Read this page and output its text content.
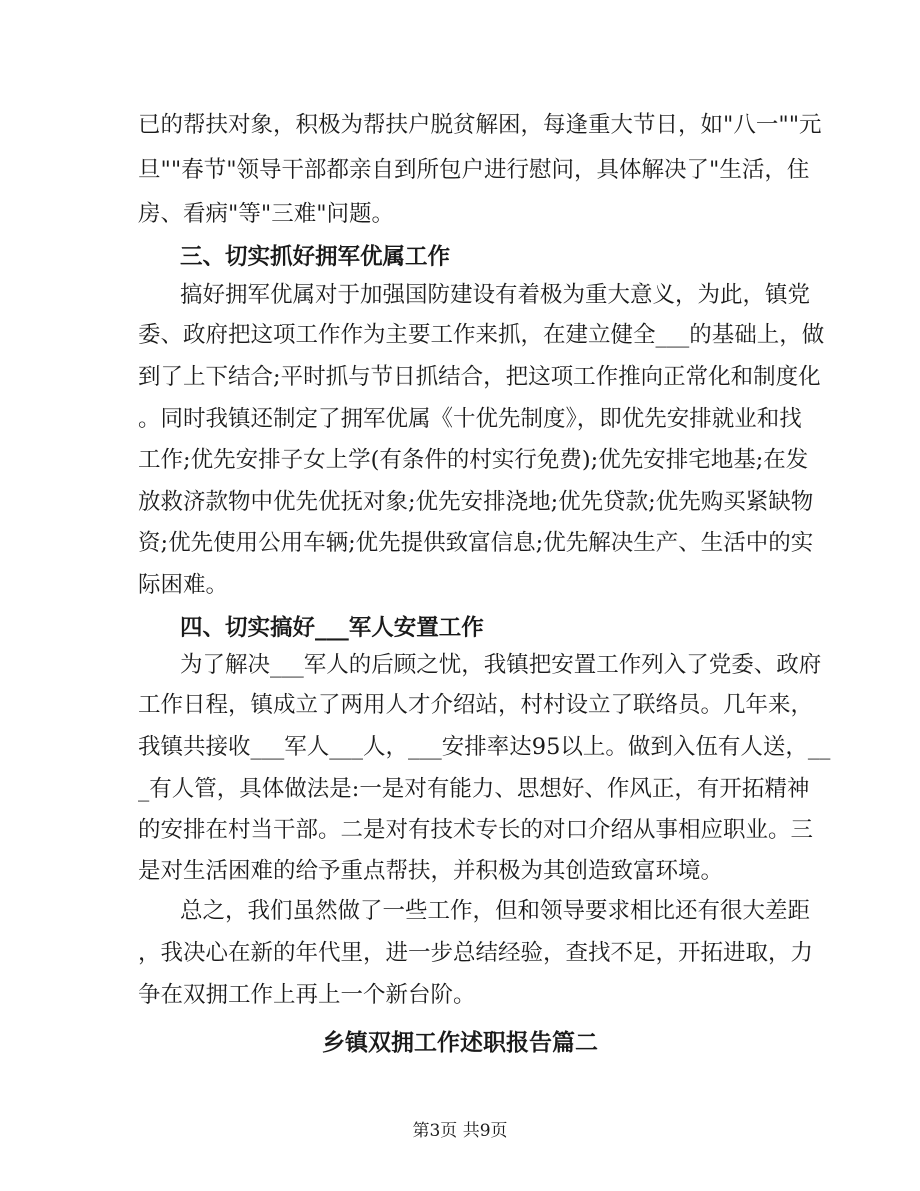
已的帮扶对象，积极为帮扶户脱贫解困，每逢重大节日，如"八一""元
旦""春节"领导干部都亲自到所包户进行慰问，具体解决了"生活，住
房、看病"等"三难"问题。
三、切实抓好拥军优属工作
搞好拥军优属对于加强国防建设有着极为重大意义，为此，镇党
委、政府把这项工作作为主要工作来抓，在建立健全___的基础上，做
到了上下结合;平时抓与节日抓结合，把这项工作推向正常化和制度化
。同时我镇还制定了拥军优属《十优先制度》，即优先安排就业和找
工作;优先安排子女上学(有条件的村实行免费);优先安排宅地基;在发
放救济款物中优先优抚对象;优先安排浇地;优先贷款;优先购买紧缺物
资;优先使用公用车辆;优先提供致富信息;优先解决生产、生活中的实
际困难。
四、切实搞好___军人安置工作
为了解决___军人的后顾之忧，我镇把安置工作列入了党委、政府
工作日程，镇成立了两用人才介绍站，村村设立了联络员。几年来，
我镇共接收___军人___人，___安排率达95以上。做到入伍有人送，__
_有人管，具体做法是:一是对有能力、思想好、作风正，有开拓精神
的安排在村当干部。二是对有技术专长的对口介绍从事相应职业。三
是对生活困难的给予重点帮扶，并积极为其创造致富环境。
总之，我们虽然做了一些工作，但和领导要求相比还有很大差距
，我决心在新的年代里，进一步总结经验，查找不足，开拓进取，力
争在双拥工作上再上一个新台阶。
乡镇双拥工作述职报告篇二
第3页 共9页
